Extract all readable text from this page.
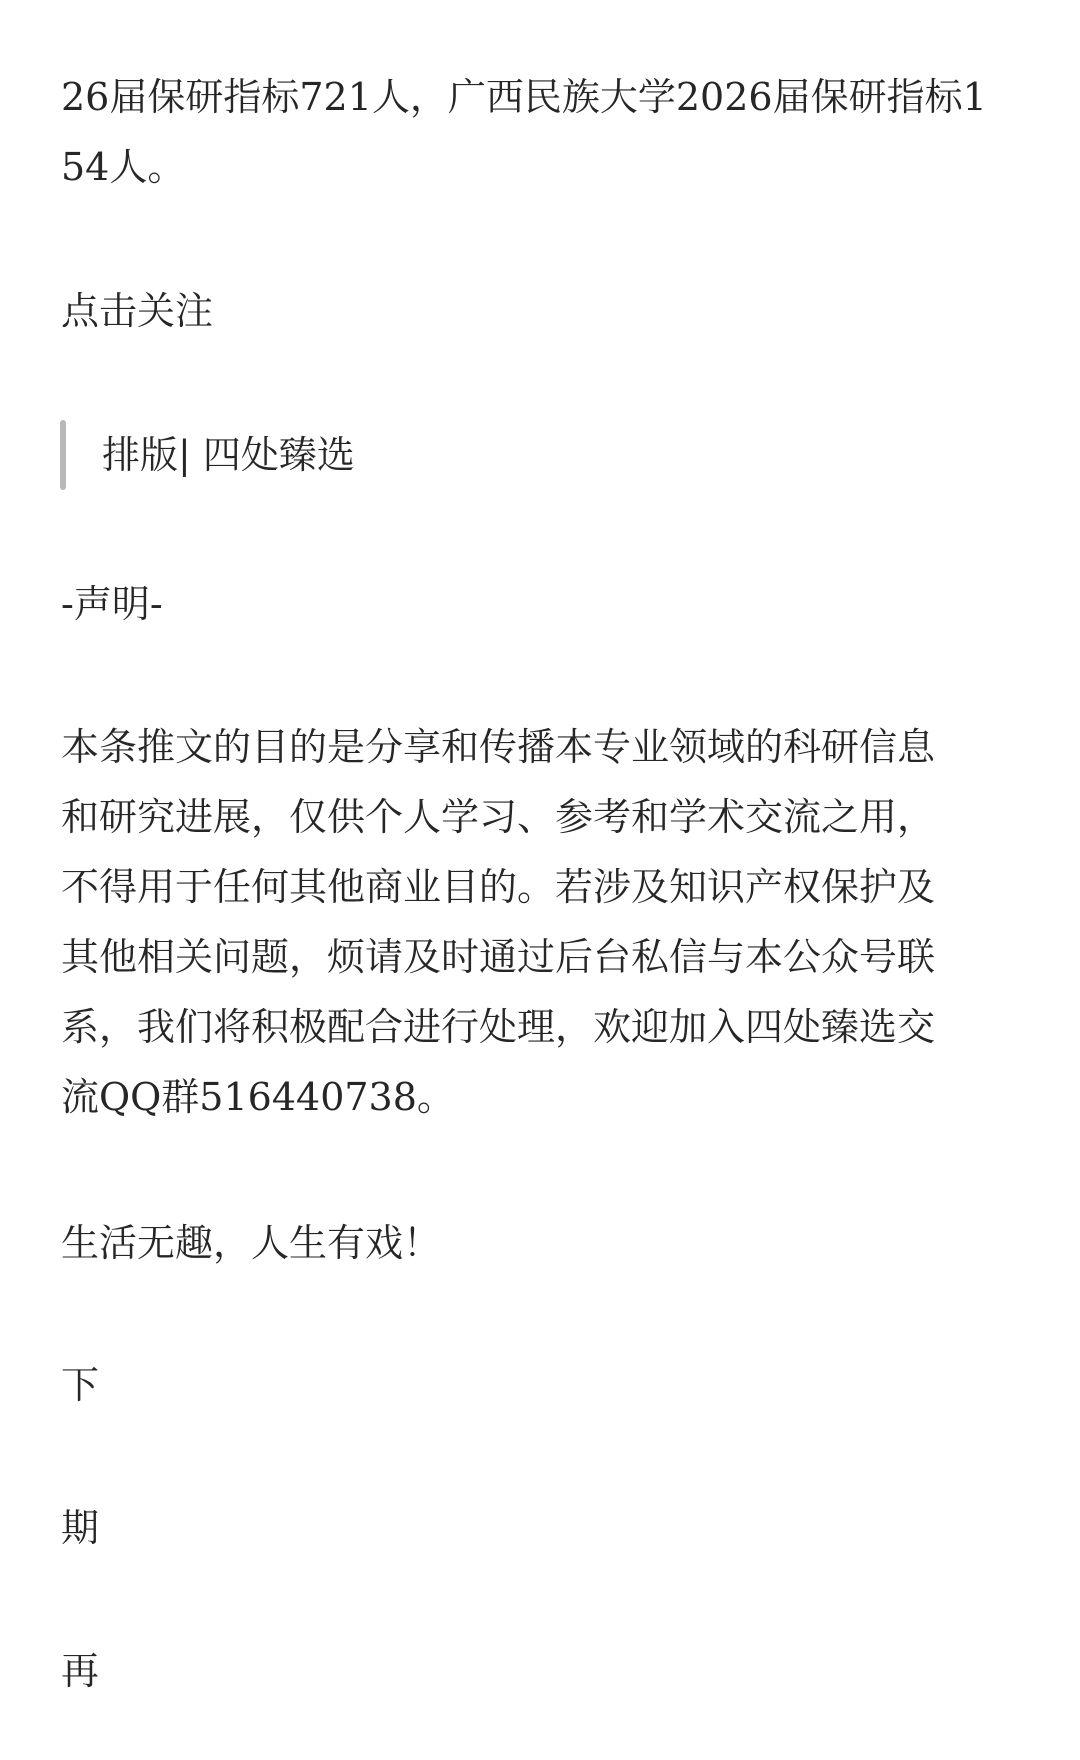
26届保研指标721人，广西民族大学2026届保研指标1
54人。
点击关注
排版| 四处臻选
-声明-
本条推文的目的是分享和传播本专业领域的科研信息
和研究进展，仅供个人学习、参考和学术交流之用，
不得用于任何其他商业目的。若涉及知识产权保护及
其他相关问题，烦请及时通过后台私信与本公众号联
系，我们将积极配合进行处理，欢迎加入四处臻选交
流QQ群516440738。
生活无趣，人生有戏！
下
期
再
